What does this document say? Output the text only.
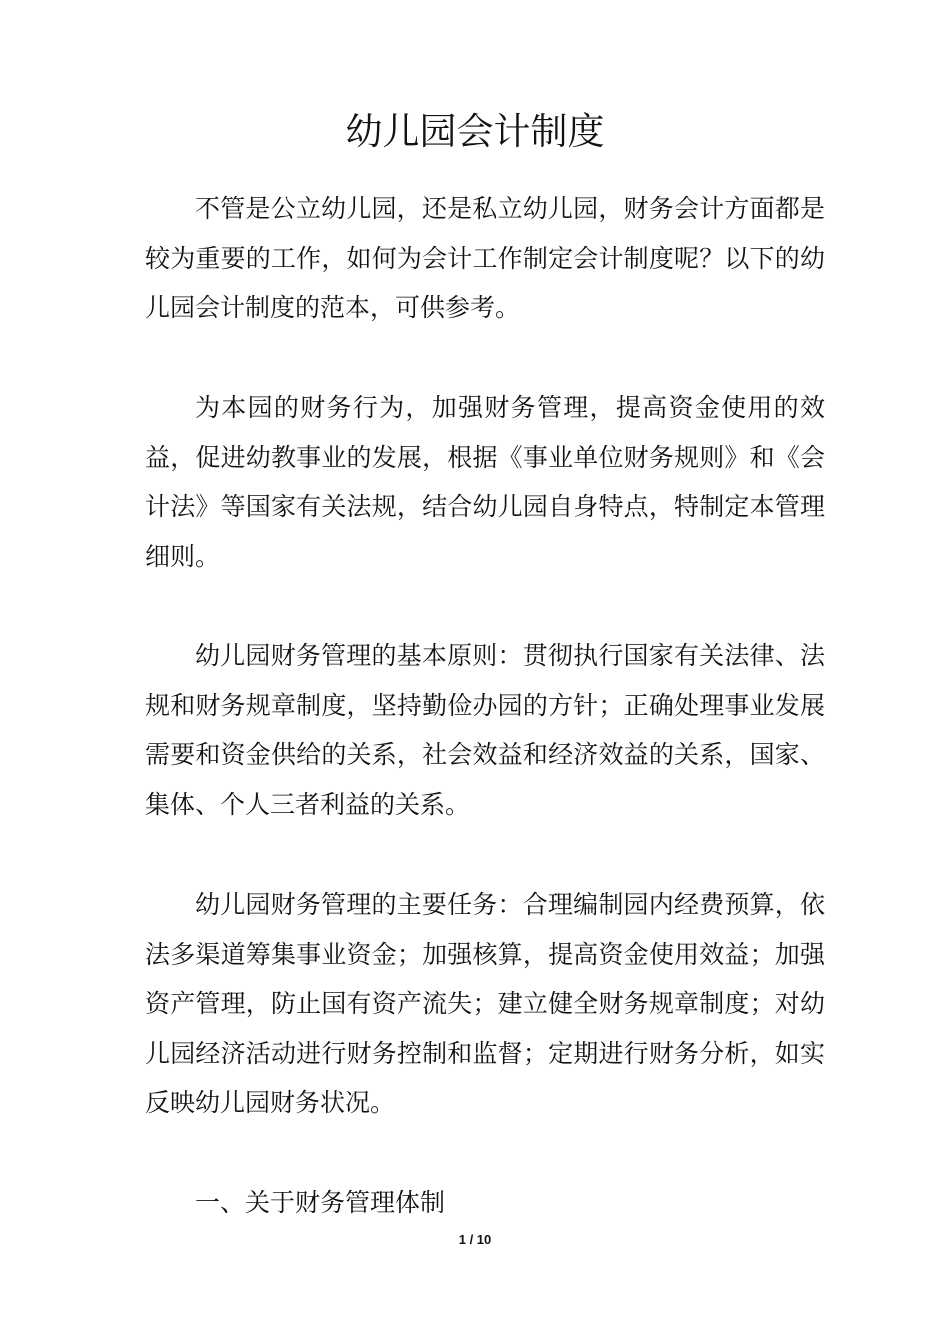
幼儿园会计制度

不管是公立幼儿园，还是私立幼儿园，财务会计方面都是较为重要的工作，如何为会计工作制定会计制度呢？以下的幼儿园会计制度的范本，可供参考。

为本园的财务行为，加强财务管理，提高资金使用的效益，促进幼教事业的发展，根据《事业单位财务规则》和《会计法》等国家有关法规，结合幼儿园自身特点，特制定本管理细则。

幼儿园财务管理的基本原则：贯彻执行国家有关法律、法规和财务规章制度，坚持勤俭办园的方针；正确处理事业发展需要和资金供给的关系，社会效益和经济效益的关系，国家、集体、个人三者利益的关系。

幼儿园财务管理的主要任务：合理编制园内经费预算，依法多渠道筹集事业资金；加强核算，提高资金使用效益；加强资产管理，防止国有资产流失；建立健全财务规章制度；对幼儿园经济活动进行财务控制和监督；定期进行财务分析，如实反映幼儿园财务状况。

一、关于财务管理体制

1 / 10
